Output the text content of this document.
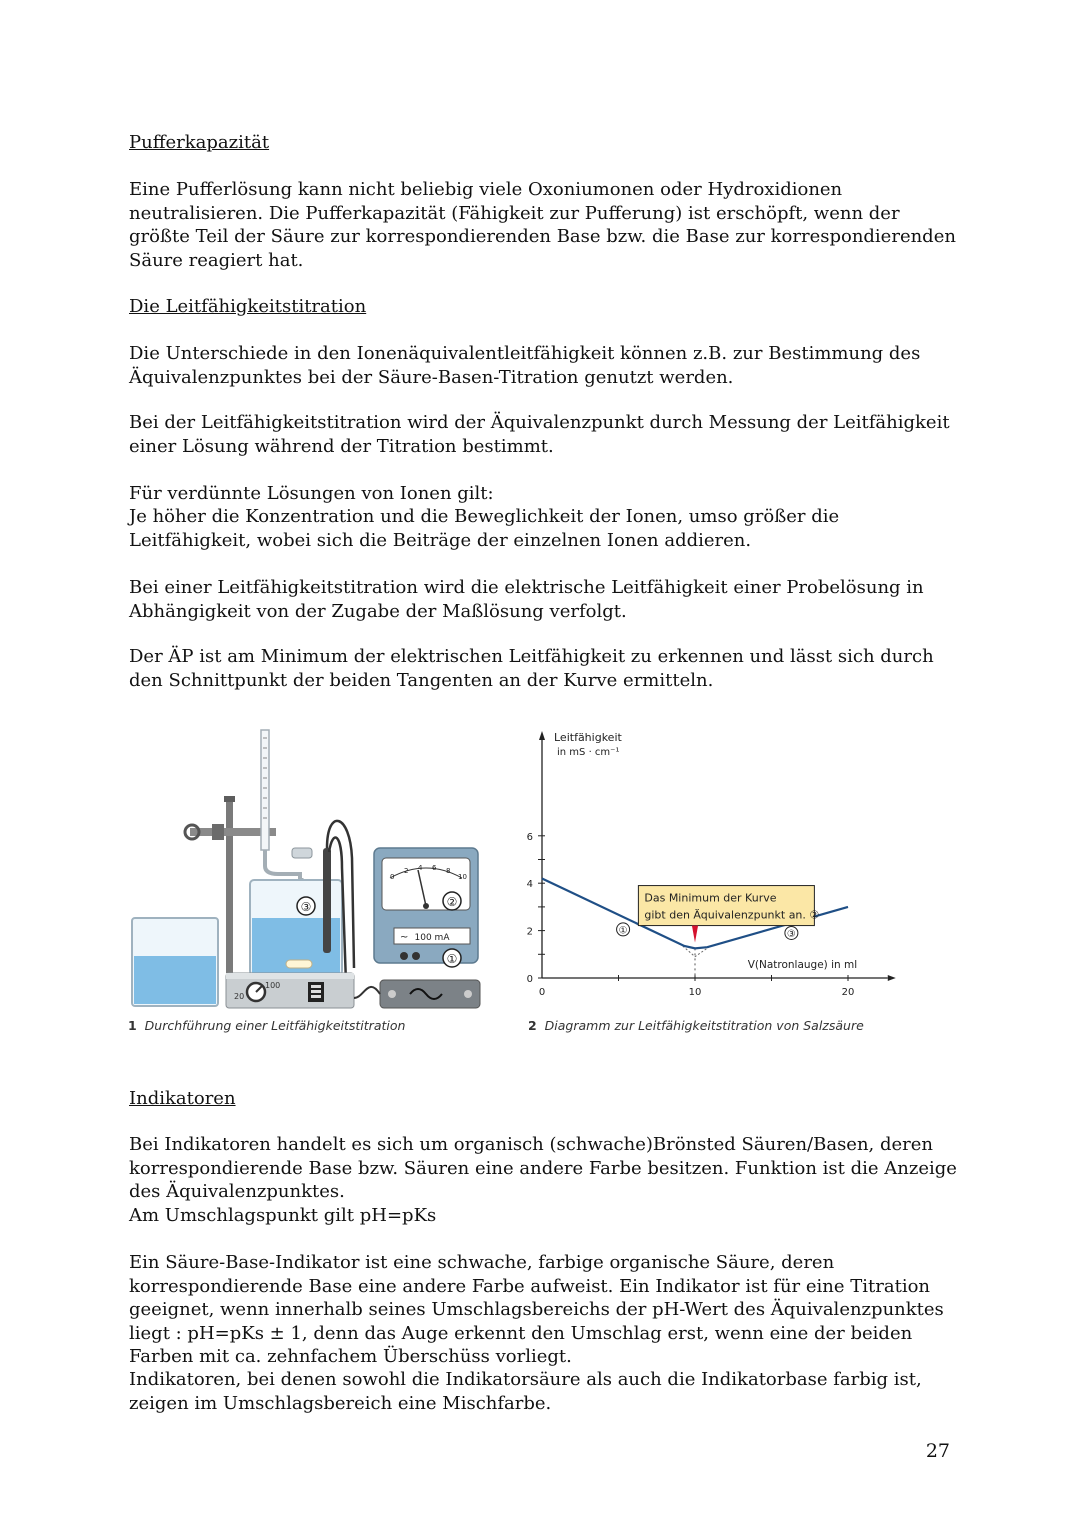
Pufferkapazität

Eine Pufferlösung kann nicht beliebig viele Oxoniumonen oder Hydroxidionen neutralisieren. Die Pufferkapazität (Fähigkeit zur Pufferung) ist erschöpft, wenn der größte Teil der Säure zur korrespondierenden Base bzw. die Base zur korrespondierenden Säure reagiert hat.

Die Leitfähigkeitstitration

Die Unterschiede in den Ionenäquivalentleitfähigkeit können z.B. zur Bestimmung des Äquivalenzpunktes bei der Säure-Basen-Titration genutzt werden.

Bei der Leitfähigkeitstitration wird der Äquivalenzpunkt durch Messung der Leitfähigkeit einer Lösung während der Titration bestimmt.

Für verdünnte Lösungen von Ionen gilt:

Je höher die Konzentration und die Beweglichkeit der Ionen, umso größer die Leitfähigkeit, wobei sich die Beiträge der einzelnen Ionen addieren.

Bei einer Leitfähigkeitstitration wird die elektrische Leitfähigkeit einer Probelösung in Abhängigkeit von der Zugabe der Maßlösung verfolgt.

Der ÄP ist am Minimum der elektrischen Leitfähigkeit zu erkennen und lässt sich durch den Schnittpunkt der beiden Tangenten an der Kurve ermitteln.

③
20
100
0
2 4 6 8
10
②
~ 100 mA
①
1 Durchführung einer Leitfähigkeitstitration
0
2
4
6
0	10	20
Leitfähigkeit
in mS · cm⁻¹
V(Natronlauge) in ml
①	③
Das Minimum der Kurve
gibt den Äquivalenzpunkt an. ②
2 Diagramm zur Leitfähigkeitstitration von Salzsäure

Indikatoren

Bei Indikatoren handelt es sich um organisch (schwache)Brönsted Säuren/Basen, deren korrespondierende Base bzw. Säuren eine andere Farbe besitzen. Funktion ist die Anzeige des Äquivalenzpunktes.

Am Umschlagspunkt gilt pH=pKs

Ein Säure-Base-Indikator ist eine schwache, farbige organische Säure, deren korrespondierende Base eine andere Farbe aufweist. Ein Indikator ist für eine Titration geeignet, wenn innerhalb seines Umschlagsbereichs der pH-Wert des Äquivalenzpunktes liegt : pH=pKs ± 1, denn das Auge erkennt den Umschlag erst, wenn eine der beiden Farben mit ca. zehnfachem Überschüss vorliegt.

Indikatoren, bei denen sowohl die Indikatorsäure als auch die Indikatorbase farbig ist, zeigen im Umschlagsbereich eine Mischfarbe.

27
